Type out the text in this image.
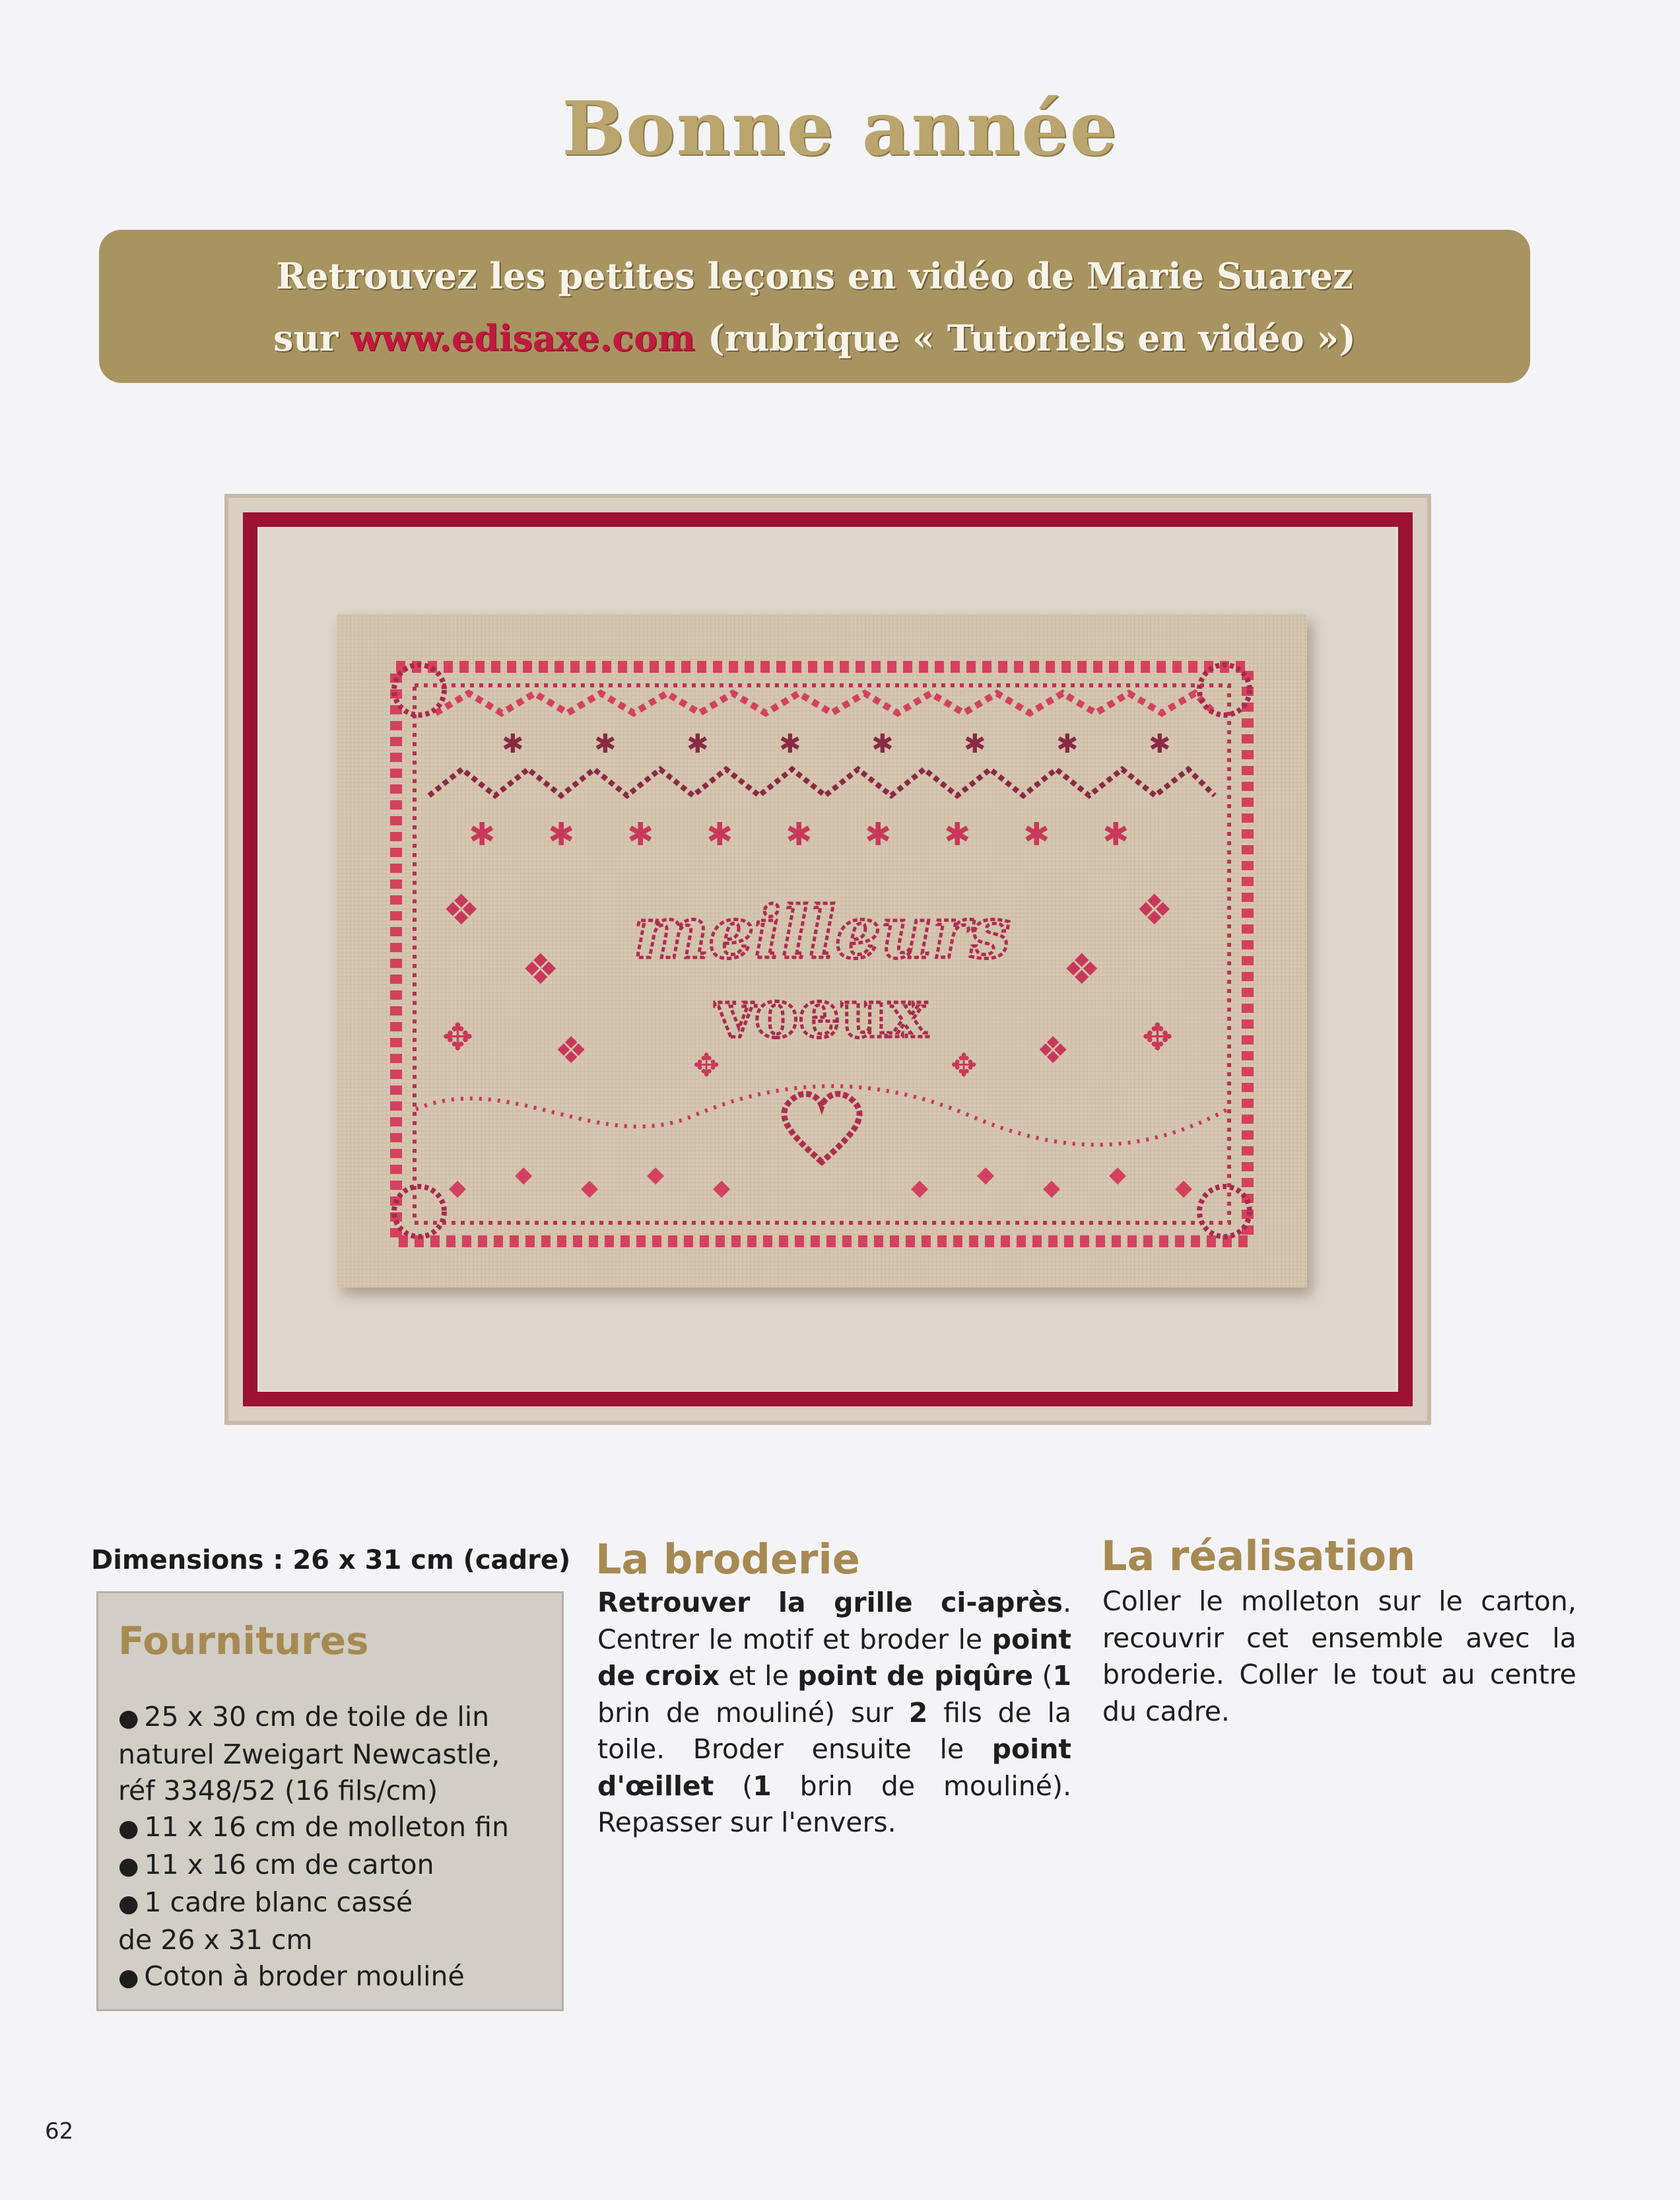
Bonne année
Retrouvez les petites leçons en vidéo de Marie Suarez
sur www.edisaxe.com (rubrique « Tutoriels en vidéo »)
✱ ✱ ✱ ✱ ✱ ✱ ✱ ✱ ✱
✱	✱	✱	✱	✱	✱	✱	✱
❖
❖
✥ ❖
❖
❖
✥
❖
✥	✥
meilleurs
voeux
◆ ◆ ◆ ◆ ◆	◆ ◆ ◆ ◆ ◆
Dimensions : 26 x 31 cm (cadre)
Fournitures
● 25 x 30 cm de toile de lin
naturel Zweigart Newcastle,
réf 3348/52 (16 fils/cm)
● 11 x 16 cm de molleton fin
● 11 x 16 cm de carton
● 1 cadre blanc cassé
de 26 x 31 cm
● Coton à broder mouliné
La broderie
Retrouver la grille ci-après. Centrer le motif et broder le point de croix et le point de piqûre (1 brin de mouliné) sur 2 fils de la toile. Broder ensuite le point d'œillet (1 brin de mouliné). Repasser sur l'envers.
La réalisation
Coller le molleton sur le carton, recouvrir cet ensemble avec la broderie. Coller le tout au centre du cadre.
62
